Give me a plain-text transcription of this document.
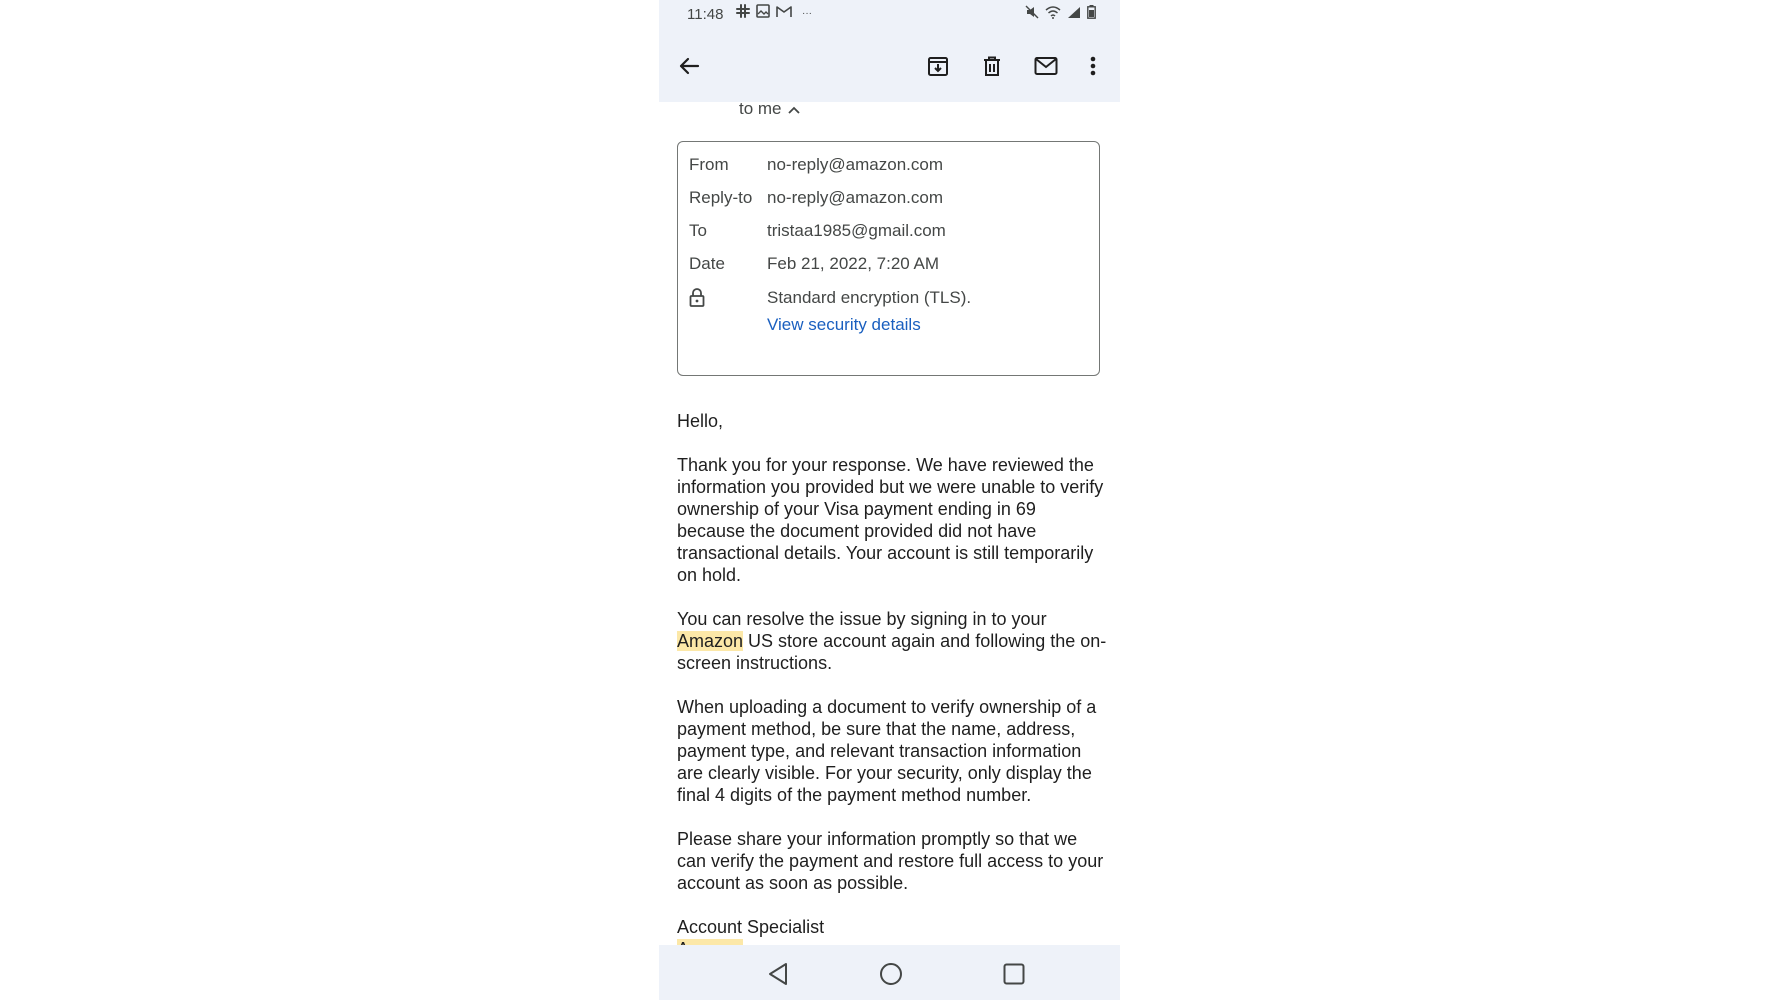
11:48	···
to me
From no-reply@amazon.com
Reply-to no-reply@amazon.com
To	tristaa1985@gmail.com
Date Feb 21, 2022, 7:20 AM
Standard encryption (TLS).
View security details

Hello,

Thank you for your response. We have reviewed the information you provided but we were unable to verify ownership of your Visa payment ending in 69 because the document provided did not have transactional details. Your account is still temporarily on hold.

You can resolve the issue by signing in to your Amazon US store account again and following the on-screen instructions.

When uploading a document to verify ownership of a payment method, be sure that the name, address, payment type, and relevant transaction information are clearly visible. For your security, only display the final 4 digits of the payment method number.

Please share your information promptly so that we can verify the payment and restore full access to your account as soon as possible.

Account Specialist
